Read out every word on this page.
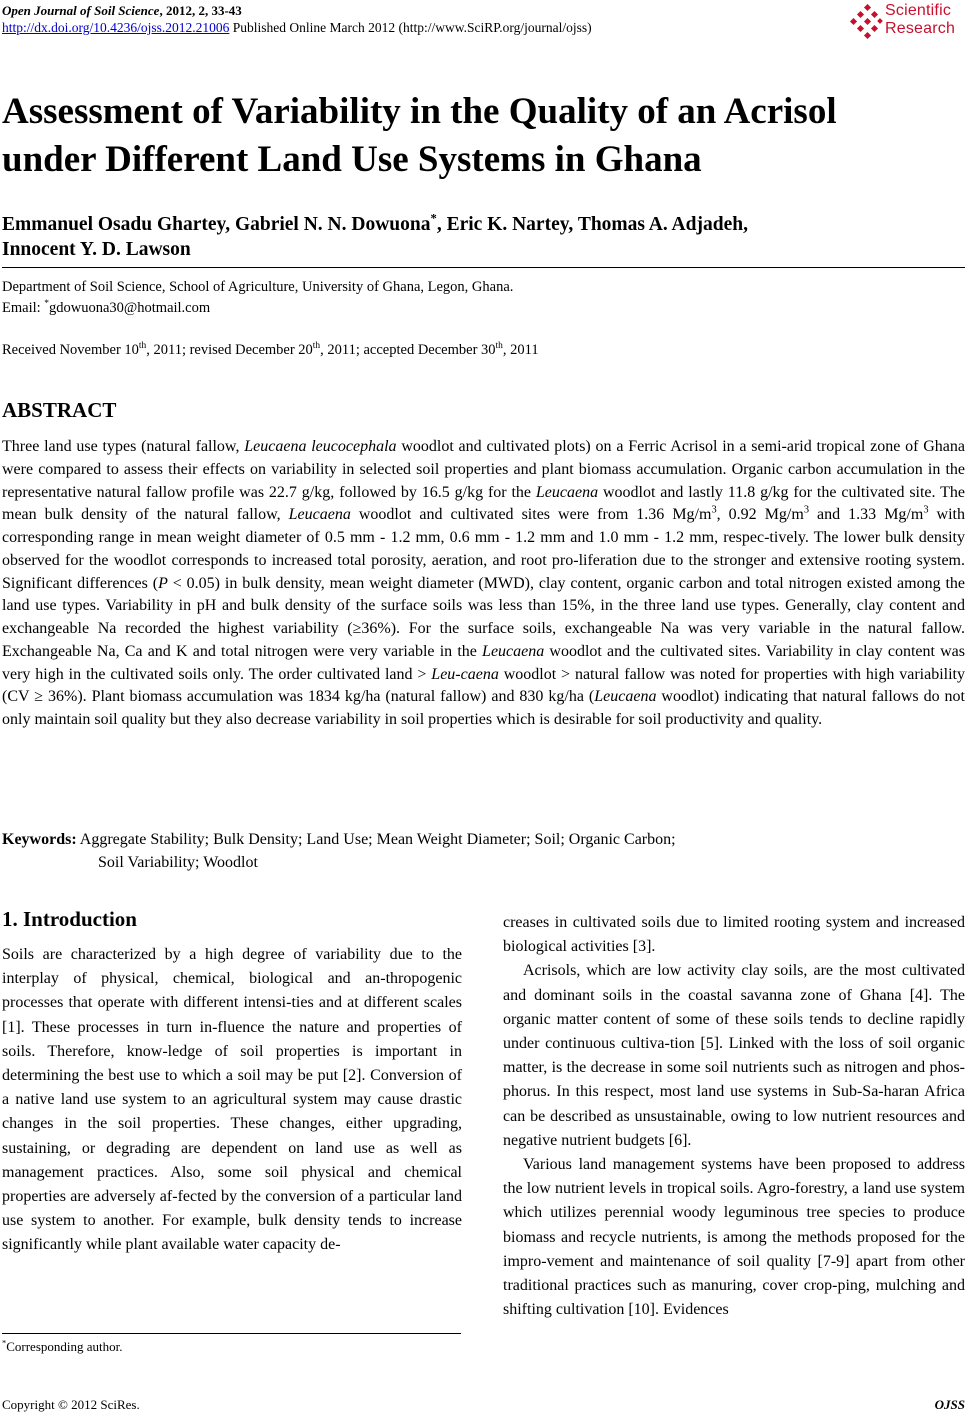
Open Journal of Soil Science, 2012, 2, 33-43
http://dx.doi.org/10.4236/ojss.2012.21006 Published Online March 2012 (http://www.SciRP.org/journal/ojss)
Scientific
Research
Assessment of Variability in the Quality of an Acrisol
under Different Land Use Systems in Ghana
Emmanuel Osadu Ghartey, Gabriel N. N. Dowuona*, Eric K. Nartey, Thomas A. Adjadeh,
Innocent Y. D. Lawson
Department of Soil Science, School of Agriculture, University of Ghana, Legon, Ghana.
Email: *gdowuona30@hotmail.com
Received November 10th, 2011; revised December 20th, 2011; accepted December 30th, 2011
ABSTRACT

Three land use types (natural fallow, Leucaena leucocephala woodlot and cultivated plots) on a Ferric Acrisol in a semi-arid tropical zone of Ghana were compared to assess their effects on variability in selected soil properties and plant biomass accumulation. Organic carbon accumulation in the representative natural fallow profile was 22.7 g/kg, followed by 16.5 g/kg for the Leucaena woodlot and lastly 11.8 g/kg for the cultivated site. The mean bulk density of the natural fallow, Leucaena woodlot and cultivated sites were from 1.36 $Mg/m^3$, 0.92 $Mg/m^3$ and 1.33 $Mg/m^3$ with corresponding range in mean weight diameter of 0.5 mm - 1.2 mm, 0.6 mm - 1.2 mm and 1.0 mm - 1.2 mm, respec-tively. The lower bulk density observed for the woodlot corresponds to increased total porosity, aeration, and root pro-liferation due to the stronger and extensive rooting system. Significant differences (P < 0.05) in bulk density, mean weight diameter (MWD), clay content, organic carbon and total nitrogen existed among the land use types. Variability in pH and bulk density of the surface soils was less than 15%, in the three land use types. Generally, clay content and exchangeable Na recorded the highest variability (≥36%). For the surface soils, exchangeable Na was very variable in the natural fallow. Exchangeable Na, Ca and K and total nitrogen were very variable in the Leucaena woodlot and the cultivated sites. Variability in clay content was very high in the cultivated soils only. The order cultivated land > Leu-caena woodlot > natural fallow was noted for properties with high variability (CV ≥ 36%). Plant biomass accumulation was 1834 kg/ha (natural fallow) and 830 kg/ha (Leucaena woodlot) indicating that natural fallows do not only maintain soil quality but they also decrease variability in soil properties which is desirable for soil productivity and quality.

Keywords: Aggregate Stability; Bulk Density; Land Use; Mean Weight Diameter; Soil; Organic Carbon;
Soil Variability; Woodlot
1. Introduction

Soils are characterized by a high degree of variability due to the interplay of physical, chemical, biological and an-thropogenic processes that operate with different intensi-ties and at different scales [1]. These processes in turn in-fluence the nature and properties of soils. Therefore, know-ledge of soil properties is important in determining the best use to which a soil may be put [2]. Conversion of a native land use system to an agricultural system may cause drastic changes in the soil properties. These changes, either upgrading, sustaining, or degrading are dependent on land use as well as management practices. Also, some soil physical and chemical properties are adversely af-fected by the conversion of a particular land use system to another. For example, bulk density tends to increase significantly while plant available water capacity de-

creases in cultivated soils due to limited rooting system and increased biological activities [3].

Acrisols, which are low activity clay soils, are the most cultivated and dominant soils in the coastal savanna zone of Ghana [4]. The organic matter content of some of these soils tends to decline rapidly under continuous cultiva-tion [5]. Linked with the loss of soil organic matter, is the decrease in some soil nutrients such as nitrogen and phos-phorus. In this respect, most land use systems in Sub-Sa-haran Africa can be described as unsustainable, owing to low nutrient resources and negative nutrient budgets [6].

Various land management systems have been proposed to address the low nutrient levels in tropical soils. Agro-forestry, a land use system which utilizes perennial woody leguminous tree species to produce biomass and recycle nutrients, is among the methods proposed for the impro-vement and maintenance of soil quality [7-9] apart from other traditional practices such as manuring, cover crop-ping, mulching and shifting cultivation [10]. Evidences

*Corresponding author.
Copyright © 2012 SciRes.	OJSS
